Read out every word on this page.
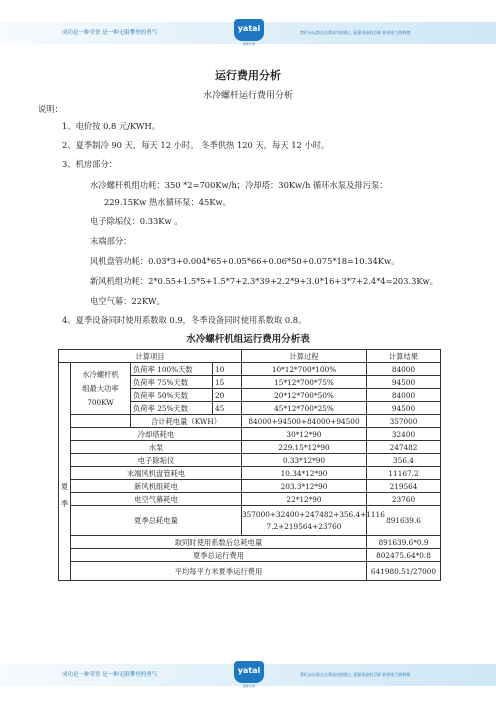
成功是一种荣誉 是一种无限攀登的勇气	yatai
雅泰空调
我们永远都在自我成功的路上 征服更高的目标 彰创更大的辉煌
运行费用分析
水冷螺杆运行费用分析
说明：
1、电价按 0.8 元/KWH。
2、夏季制冷 90 天，每天 12 小时。 冬季供热 120 天，每天 12 小时。
3、机房部分：
水冷螺杆机组功耗：350 *2=700Kw/h；冷却塔：30Kw/h 循环水泵及排污泵：
229.15Kw 热水循环泵：45Kw。
电子除垢仪：0.33Kw 。
末端部分：
风机盘管功耗：0.03*3+0.004*65+0.05*66+0.06*50+0.075*18=10.34Kw。
新风机组功耗：2*0.55+1.5*5+1.5*7+2.3*39+2.2*9+3.0*16+3*7+2.4*4=203.3Kw。
电空气幕：22KW。
4、夏季设备同时使用系数取 0.9，冬季设备同时使用系数取 0.8。
水冷螺杆机组运行费用分析表
计算项目				计算过程	计算结果	

夏季	水冷螺杆机
组最大功率
700KW	负荷率 100%天数	10	10*12*700*100%	84000	
		负荷率 75%天数	15	15*12*700*75%	94500	
		负荷率 50%天数	20	20*12*700*50%	84000	
		负荷率 25%天数	45	45*12*700*25%	94500	
		合计耗电量（KWH）		84000+94500+84000+94500	357000	
	冷却塔耗电			30*12*90	32400	
	水泵			229.15*12*90	247482	
	电子除垢仪			0.33*12*90	356.4	
	末端风机盘管耗电			10.34*12*90	11167.2	
	新风机组耗电			203.3*12*90	219564	
	电空气幕耗电			22*12*90	23760	
	夏季总耗电量			357000+32400+247482+356.4+1116
7.2+219564+23760	891639.6	
	取同时使用系数后总耗电量				891639.6*0.9	
	夏季总运行费用				802475.64*0.8	
	平均每平方米夏季运行费用				641980.51/27000	
成功是一种荣誉 是一种无限攀登的勇气	yatai
雅泰空调
我们永远都在自我成功的路上 征服更高的目标 彰创更大的辉煌
